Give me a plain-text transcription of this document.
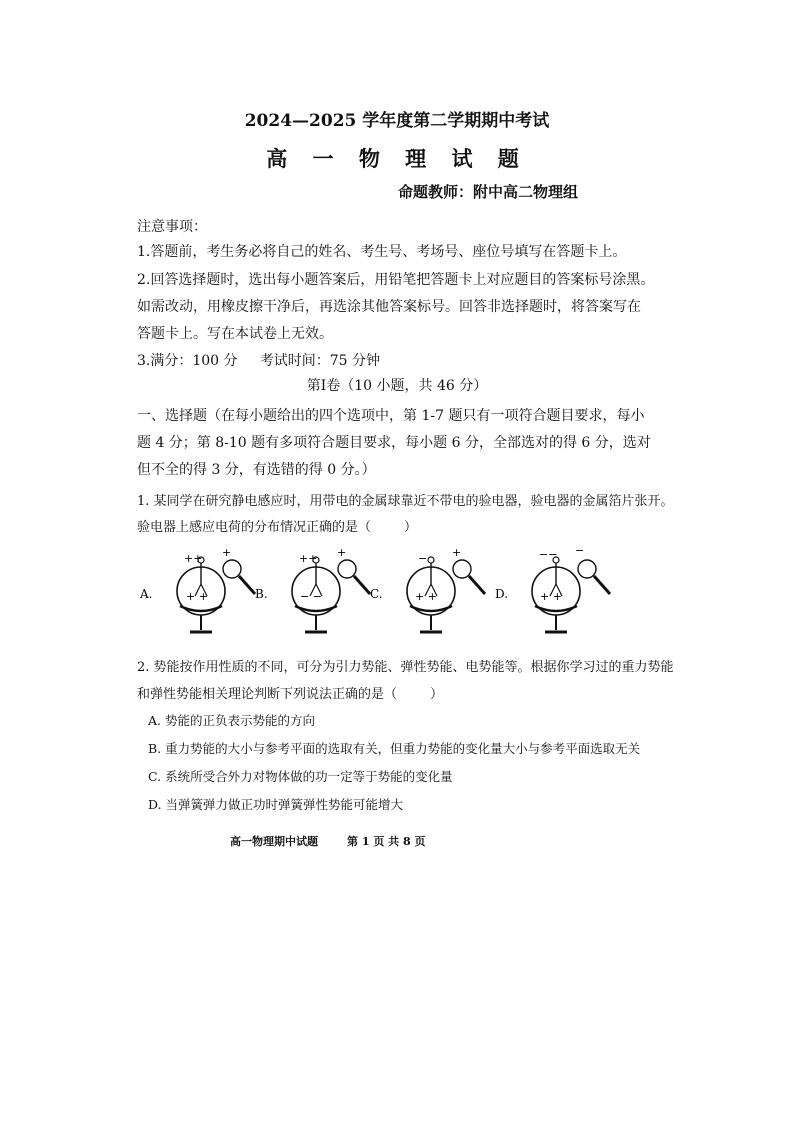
2024—2025 学年度第二学期期中考试
高 一 物 理 试 题
命题教师：附中高二物理组
注意事项：
1.答题前，考生务必将自己的姓名、考生号、考场号、座位号填写在答题卡上。
2.回答选择题时，选出每小题答案后，用铅笔把答题卡上对应题目的答案标号涂黑。
如需改动，用橡皮擦干净后，再选涂其他答案标号。回答非选择题时，将答案写在
答题卡上。写在本试卷上无效。
3.满分：100 分     考试时间：75 分钟
第Ⅰ卷（10 小题，共 46 分）
一、选择题（在每小题给出的四个选项中，第 1-7 题只有一项符合题目要求，每小
题 4 分；第 8-10 题有多项符合题目要求，每小题 6 分，全部选对的得 6 分，选对
但不全的得 3 分，有选错的得 0 分。）
1. 某同学在研究静电感应时，用带电的金属球靠近不带电的验电器，验电器的金属箔片张开。
验电器上感应电荷的分布情况正确的是（        ）
A.
++ +
+ +	B.
++ +
− −	C.
− +
+ +	D.
−− −
+ +
2. 势能按作用性质的不同，可分为引力势能、弹性势能、电势能等。根据你学习过的重力势能
和弹性势能相关理论判断下列说法正确的是（        ）
A. 势能的正负表示势能的方向
B. 重力势能的大小与参考平面的选取有关，但重力势能的变化量大小与参考平面选取无关
C. 系统所受合外力对物体做的功一定等于势能的变化量
D. 当弹簧弹力做正功时弹簧弹性势能可能增大
高一物理期中试题	第 1 页 共 8 页
